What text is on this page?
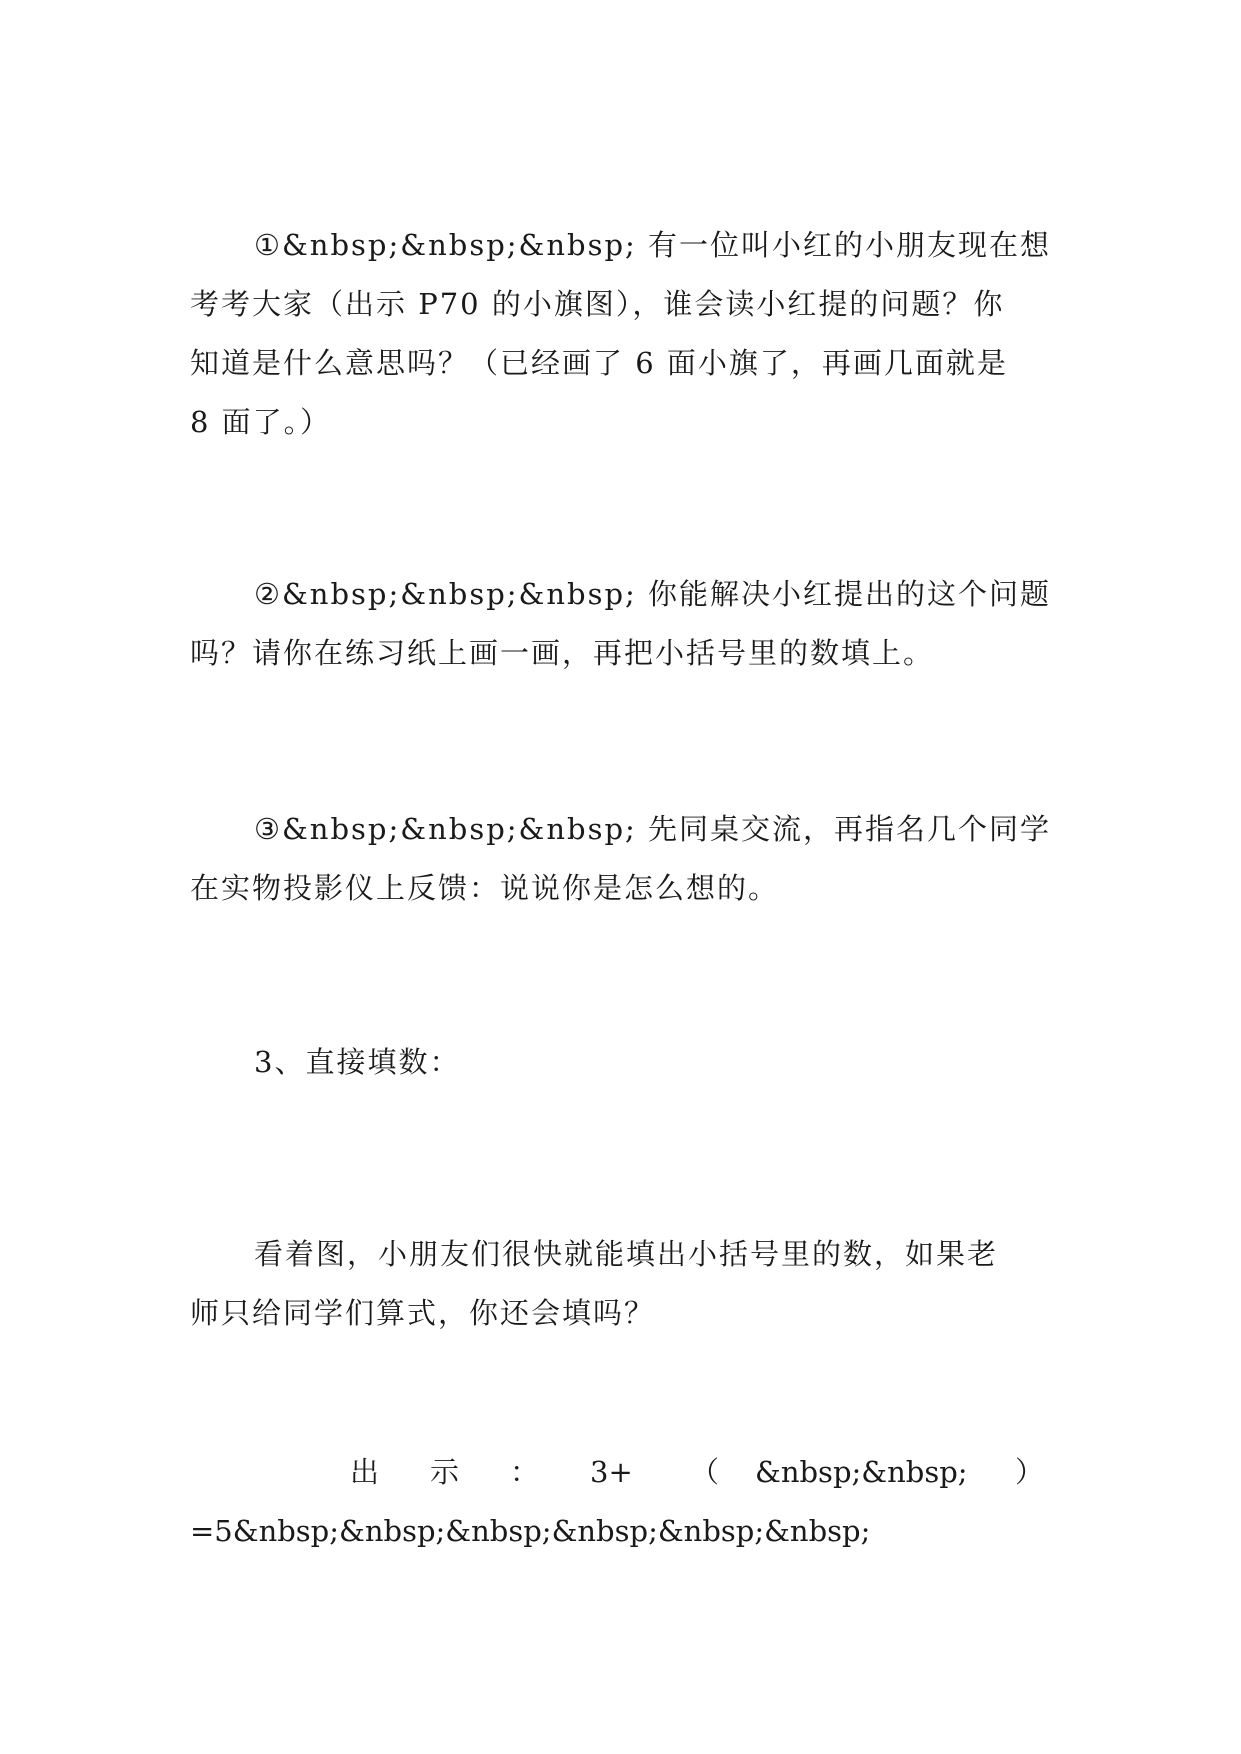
①&nbsp;&nbsp;&nbsp; 有一位叫小红的小朋友现在想
考考大家（出示 P70 的小旗图），谁会读小红提的问题？你
知道是什么意思吗？（已经画了 6 面小旗了，再画几面就是
8 面了。）

②&nbsp;&nbsp;&nbsp; 你能解决小红提出的这个问题
吗？请你在练习纸上画一画，再把小括号里的数填上。

③&nbsp;&nbsp;&nbsp; 先同桌交流，再指名几个同学
在实物投影仪上反馈：说说你是怎么想的。

3、直接填数：

看着图，小朋友们很快就能填出小括号里的数，如果老
师只给同学们算式，你还会填吗？

出 示 ： 3+ （ &nbsp;&nbsp; ）

=5&nbsp;&nbsp;&nbsp;&nbsp;&nbsp;&nbsp;
